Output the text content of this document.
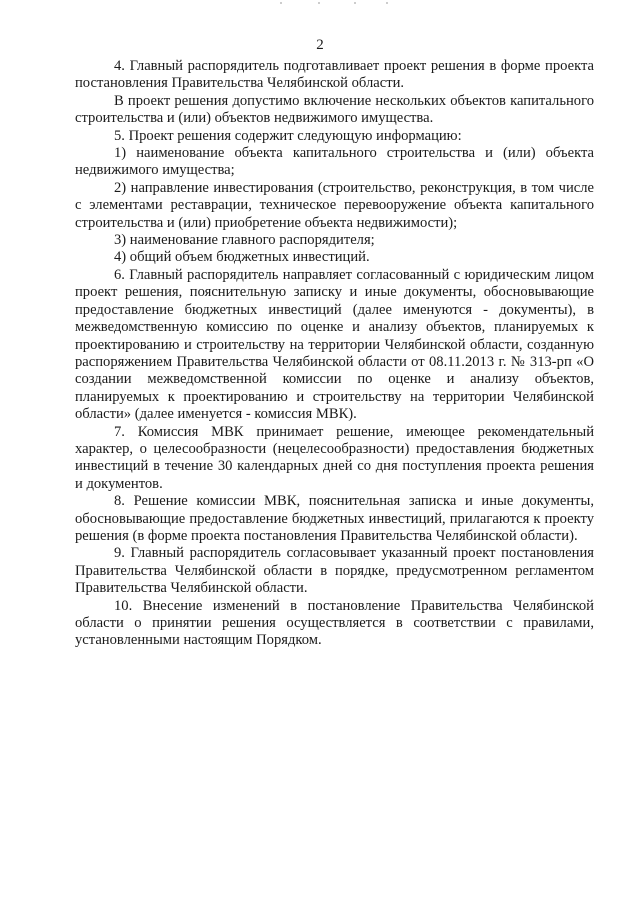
2

4. Главный распорядитель подготавливает проект решения в форме проекта постановления Правительства Челябинской области.

В проект решения допустимо включение нескольких объектов капитального строительства и (или) объектов недвижимого имущества.

5. Проект решения содержит следующую информацию:

1) наименование объекта капитального строительства и (или) объекта недвижимого имущества;

2) направление инвестирования (строительство, реконструкция, в том числе с элементами реставрации, техническое перевооружение объекта капитального строительства и (или) приобретение объекта недвижимости);

3) наименование главного распорядителя;

4) общий объем бюджетных инвестиций.

6. Главный распорядитель направляет согласованный с юридическим лицом проект решения, пояснительную записку и иные документы, обосновывающие предоставление бюджетных инвестиций (далее именуются - документы), в межведомственную комиссию по оценке и анализу объектов, планируемых к проектированию и строительству на территории Челябинской области, созданную распоряжением Правительства Челябинской области от 08.11.2013 г. № 313-рп «О создании межведомственной комиссии по оценке и анализу объектов, планируемых к проектированию и строительству на территории Челябинской области» (далее именуется - комиссия МВК).

7. Комиссия МВК принимает решение, имеющее рекомендательный характер, о целесообразности (нецелесообразности) предоставления бюджетных инвестиций в течение 30 календарных дней со дня поступления проекта решения и документов.

8. Решение комиссии МВК, пояснительная записка и иные документы, обосновывающие предоставление бюджетных инвестиций, прилагаются к проекту решения (в форме проекта постановления Правительства Челябинской области).

9. Главный распорядитель согласовывает указанный проект постановления Правительства Челябинской области в порядке, предусмотренном регламентом Правительства Челябинской области.

10. Внесение изменений в постановление Правительства Челябинской области о принятии решения осуществляется в соответствии с правилами, установленными настоящим Порядком.
